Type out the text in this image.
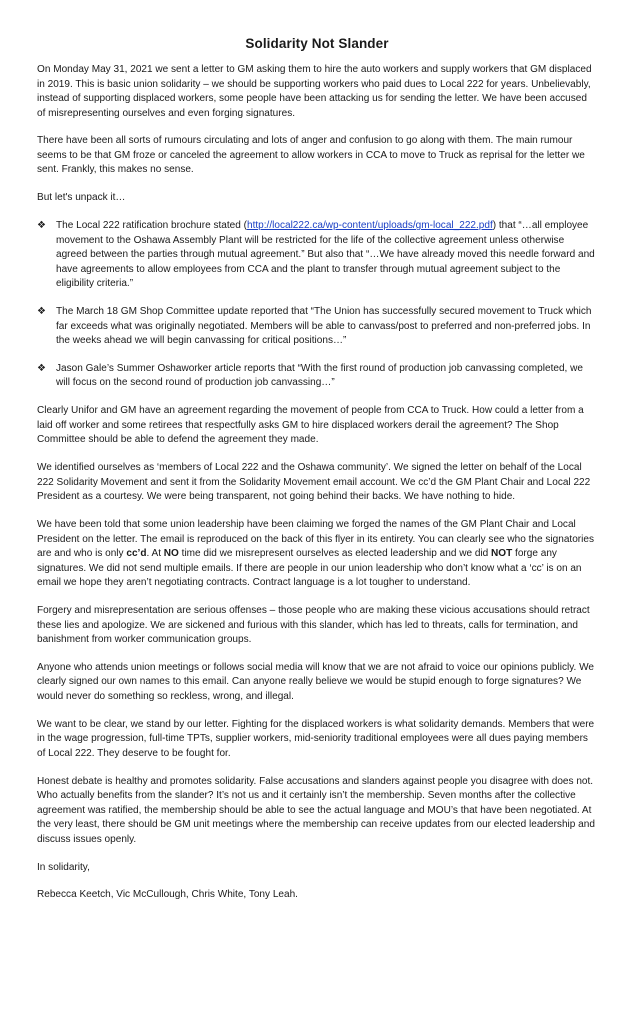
Solidarity Not Slander

On Monday May 31, 2021 we sent a letter to GM asking them to hire the auto workers and supply workers that GM displaced in 2019. This is basic union solidarity – we should be supporting workers who paid dues to Local 222 for years. Unbelievably, instead of supporting displaced workers, some people have been attacking us for sending the letter. We have been accused of misrepresenting ourselves and even forging signatures.

There have been all sorts of rumours circulating and lots of anger and confusion to go along with them. The main rumour seems to be that GM froze or canceled the agreement to allow workers in CCA to move to Truck as reprisal for the letter we sent. Frankly, this makes no sense.

But let's unpack it…

❖ The Local 222 ratification brochure stated (http://local222.ca/wp-content/uploads/gm-local_222.pdf) that “…all employee movement to the Oshawa Assembly Plant will be restricted for the life of the collective agreement unless otherwise agreed between the parties through mutual agreement.” But also that “…We have already moved this needle forward and have agreements to allow employees from CCA and the plant to transfer through mutual agreement subject to the eligibility criteria.”
❖ The March 18 GM Shop Committee update reported that “The Union has successfully secured movement to Truck which far exceeds what was originally negotiated. Members will be able to canvass/post to preferred and non-preferred jobs. In the weeks ahead we will begin canvassing for critical positions…”
❖ Jason Gale’s Summer Oshaworker article reports that “With the first round of production job canvassing completed, we will focus on the second round of production job canvassing…”

Clearly Unifor and GM have an agreement regarding the movement of people from CCA to Truck. How could a letter from a laid off worker and some retirees that respectfully asks GM to hire displaced workers derail the agreement? The Shop Committee should be able to defend the agreement they made.

We identified ourselves as ‘members of Local 222 and the Oshawa community’. We signed the letter on behalf of the Local 222 Solidarity Movement and sent it from the Solidarity Movement email account. We cc’d the GM Plant Chair and Local 222 President as a courtesy. We were being transparent, not going behind their backs. We have nothing to hide.

We have been told that some union leadership have been claiming we forged the names of the GM Plant Chair and Local President on the letter. The email is reproduced on the back of this flyer in its entirety. You can clearly see who the signatories are and who is only cc’d. At NO time did we misrepresent ourselves as elected leadership and we did NOT forge any signatures. We did not send multiple emails. If there are people in our union leadership who don’t know what a ‘cc’ is on an email we hope they aren’t negotiating contracts. Contract language is a lot tougher to understand.

Forgery and misrepresentation are serious offenses – those people who are making these vicious accusations should retract these lies and apologize. We are sickened and furious with this slander, which has led to threats, calls for termination, and banishment from worker communication groups.

Anyone who attends union meetings or follows social media will know that we are not afraid to voice our opinions publicly. We clearly signed our own names to this email. Can anyone really believe we would be stupid enough to forge signatures? We would never do something so reckless, wrong, and illegal.

We want to be clear, we stand by our letter. Fighting for the displaced workers is what solidarity demands. Members that were in the wage progression, full-time TPTs, supplier workers, mid-seniority traditional employees were all dues paying members of Local 222. They deserve to be fought for.

Honest debate is healthy and promotes solidarity. False accusations and slanders against people you disagree with does not. Who actually benefits from the slander? It’s not us and it certainly isn’t the membership. Seven months after the collective agreement was ratified, the membership should be able to see the actual language and MOU’s that have been negotiated. At the very least, there should be GM unit meetings where the membership can receive updates from our elected leadership and discuss issues openly.

In solidarity,

Rebecca Keetch, Vic McCullough, Chris White, Tony Leah.
